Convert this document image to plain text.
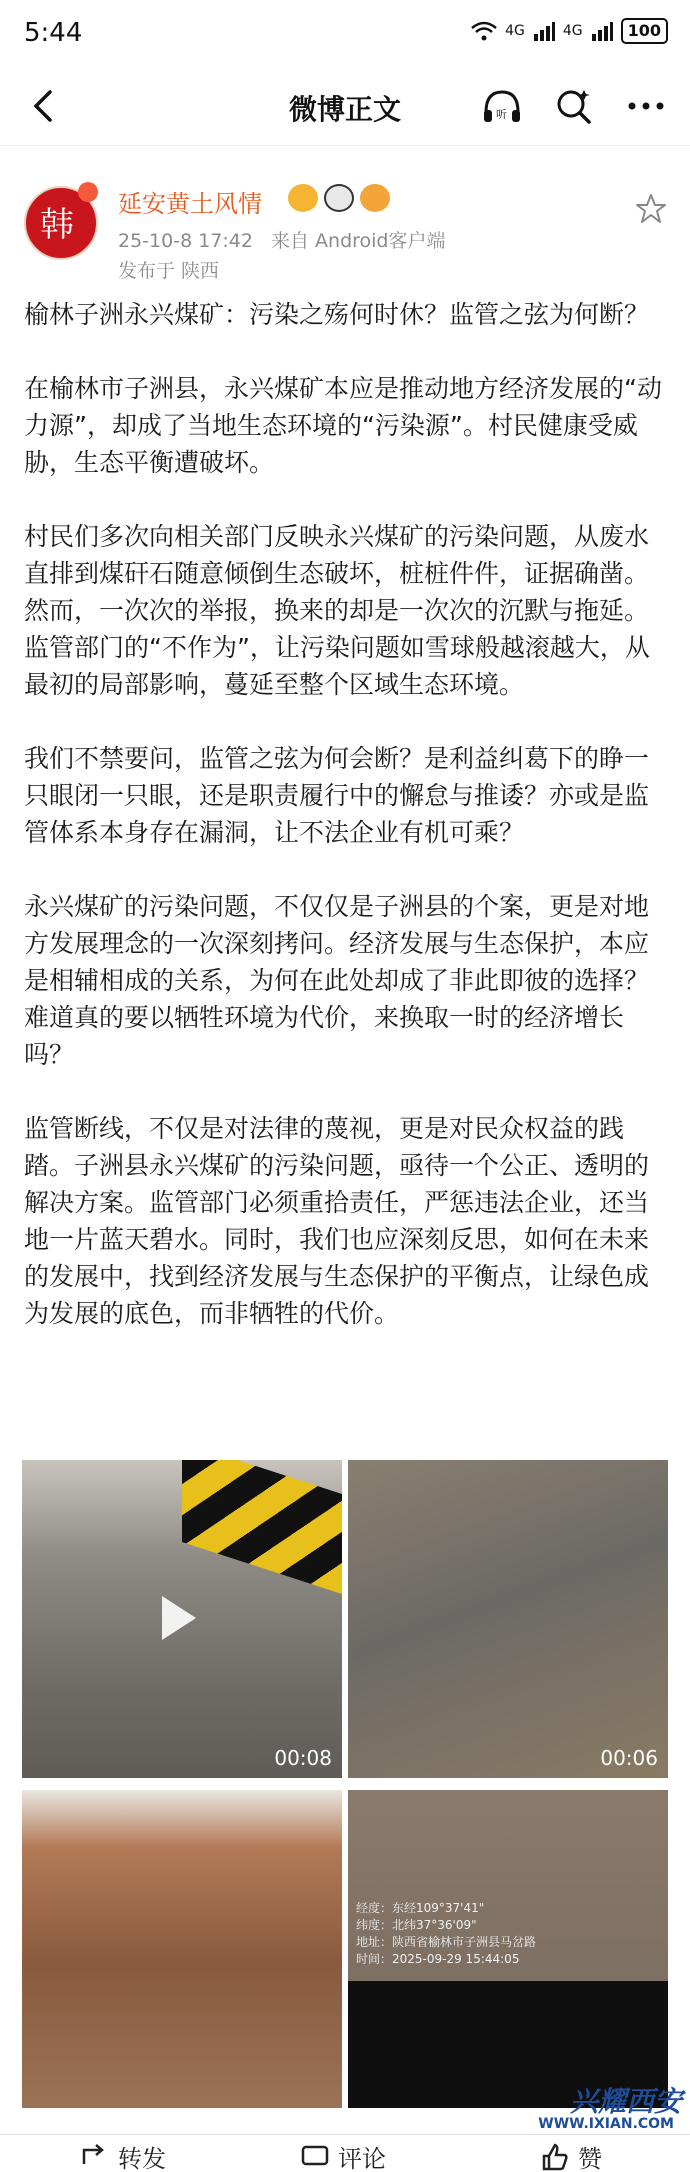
5:44	4G	4G	100
微博正文	听
韩
延安黄土风情
25-10-8 17:42 来自 Android客户端
发布于 陕西

榆林子洲永兴煤矿：污染之殇何时休？监管之弦为何断？

在榆林市子洲县，永兴煤矿本应是推动地方经济发展的“动力源”，却成了当地生态环境的“污染源”。村民健康受威胁，生态平衡遭破坏。

村民们多次向相关部门反映永兴煤矿的污染问题，从废水直排到煤矸石随意倾倒生态破坏，桩桩件件，证据确凿。然而，一次次的举报，换来的却是一次次的沉默与拖延。监管部门的“不作为”，让污染问题如雪球般越滚越大，从最初的局部影响，蔓延至整个区域生态环境。

我们不禁要问，监管之弦为何会断？是利益纠葛下的睁一只眼闭一只眼，还是职责履行中的懈怠与推诿？亦或是监管体系本身存在漏洞，让不法企业有机可乘？

永兴煤矿的污染问题，不仅仅是子洲县的个案，更是对地方发展理念的一次深刻拷问。经济发展与生态保护，本应是相辅相成的关系，为何在此处却成了非此即彼的选择？难道真的要以牺牲环境为代价，来换取一时的经济增长吗？

监管断线，不仅是对法律的蔑视，更是对民众权益的践踏。子洲县永兴煤矿的污染问题，亟待一个公正、透明的解决方案。监管部门必须重拾责任，严惩违法企业，还当地一片蓝天碧水。同时，我们也应深刻反思，如何在未来的发展中，找到经济发展与生态保护的平衡点，让绿色成为发展的底色，而非牺牲的代价。

00:08	00:06
经度：东经109°37'41"
纬度：北纬37°36'09"
地址：陕西省榆林市子洲县马岔路
时间：2025-09-29 15:44:05
兴耀西安
WWW.IXIAN.COM
转发	评论	赞
